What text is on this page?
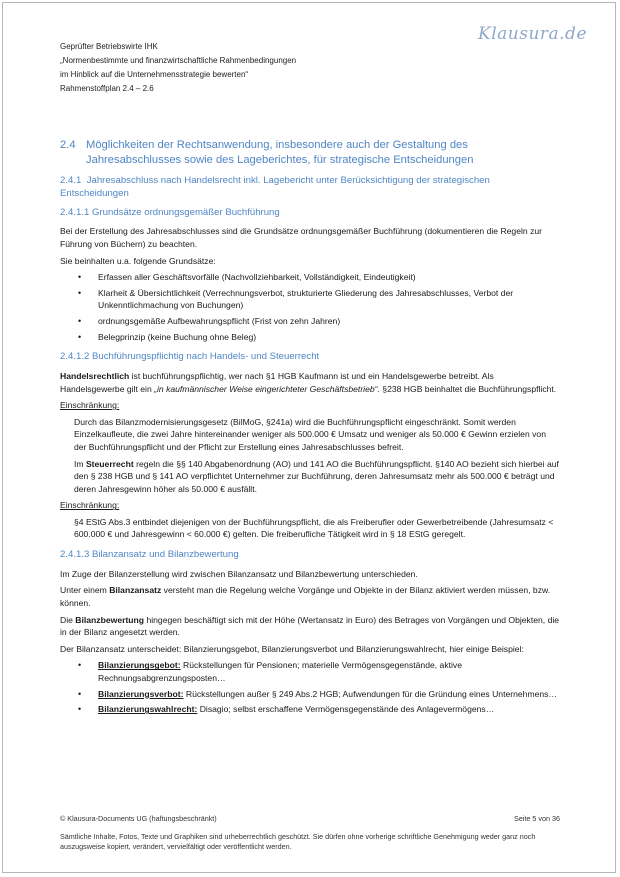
Geprüfter Betriebswirte IHK
„Normenbestimmte und finanzwirtschaftliche Rahmenbedingungen
im Hinblick auf die Unternehmensstrategie bewerten“
Rahmenstoffplan 2.4 – 2.6
Klausura.de
2.4 Möglichkeiten der Rechtsanwendung, insbesondere auch der Gestaltung des Jahresabschlusses sowie des Lageberichtes, für strategische Entscheidungen
2.4.1 Jahresabschluss nach Handelsrecht inkl. Lagebericht unter Berücksichtigung der strategischen Entscheidungen
2.4.1.1 Grundsätze ordnungsgemäßer Buchführung

Bei der Erstellung des Jahresabschlusses sind die Grundsätze ordnungsgemäßer Buchführung (dokumentieren die Regeln zur Führung von Büchern) zu beachten.

Sie beinhalten u.a. folgende Grundsätze:

• Erfassen aller Geschäftsvorfälle (Nachvollziehbarkeit, Vollständigkeit, Eindeutigkeit)
• Klarheit & Übersichtlichkeit (Verrechnungsverbot, strukturierte Gliederung des Jahresabschlusses, Verbot der Unkenntlichmachung von Buchungen)
• ordnungsgemäße Aufbewahrungspflicht (Frist von zehn Jahren)
• Belegprinzip (keine Buchung ohne Beleg)
2.4.1.2 Buchführungspflichtig nach Handels- und Steuerrecht

Handelsrechtlich ist buchführungspflichtig, wer nach §1 HGB Kaufmann ist und ein Handelsgewerbe betreibt. Als Handelsgewerbe gilt ein „in kaufmännischer Weise eingerichteter Geschäftsbetrieb“. §238 HGB beinhaltet die Buchführungspflicht.

Einschränkung:

Durch das Bilanzmodernisierungsgesetz (BilMoG, §241a) wird die Buchführungspflicht eingeschränkt. Somit werden Einzelkaufleute, die zwei Jahre hintereinander weniger als 500.000 € Umsatz und weniger als 50.000 € Gewinn erzielen von der Buchführungspflicht und der Pflicht zur Erstellung eines Jahresabschlusses befreit.

Im Steuerrecht regeln die §§ 140 Abgabenordnung (AO) und 141 AO die Buchführungspflicht. §140 AO bezieht sich hierbei auf den § 238 HGB und § 141 AO verpflichtet Unternehmer zur Buchführung, deren Jahresumsatz mehr als 500.000 € beträgt und deren Jahresgewinn höher als 50.000 € ausfällt.

Einschränkung:

§4 EStG Abs.3 entbindet diejenigen von der Buchführungspflicht, die als Freiberufler oder Gewerbetreibende (Jahresumsatz < 600.000 € und Jahresgewinn < 60.000 €) gelten. Die freiberufliche Tätigkeit wird in § 18 EStG geregelt.

2.4.1.3 Bilanzansatz und Bilanzbewertung

Im Zuge der Bilanzerstellung wird zwischen Bilanzansatz und Bilanzbewertung unterschieden.

Unter einem Bilanzansatz versteht man die Regelung welche Vorgänge und Objekte in der Bilanz aktiviert werden müssen, bzw. können.

Die Bilanzbewertung hingegen beschäftigt sich mit der Höhe (Wertansatz in Euro) des Betrages von Vorgängen und Objekten, die in der Bilanz angesetzt werden.

Der Bilanzansatz unterscheidet: Bilanzierungsgebot, Bilanzierungsverbot und Bilanzierungswahlrecht, hier einige Beispiel:

• Bilanzierungsgebot: Rückstellungen für Pensionen; materielle Vermögensgegenstände, aktive Rechnungsabgrenzungsposten…
• Bilanzierungsverbot: Rückstellungen außer § 249 Abs.2 HGB; Aufwendungen für die Gründung eines Unternehmens…
• Bilanzierungswahlrecht: Disagio; selbst erschaffene Vermögensgegenstände des Anlagevermögens…
© Klausura-Documents UG (haftungsbeschränkt)	Seite 5 von 36
Sämtliche Inhalte, Fotos, Texte und Graphiken sind urheberrechtlich geschützt. Sie dürfen ohne vorherige schriftliche Genehmigung weder ganz noch auszugsweise kopiert, verändert, vervielfältigt oder veröffentlicht werden.
